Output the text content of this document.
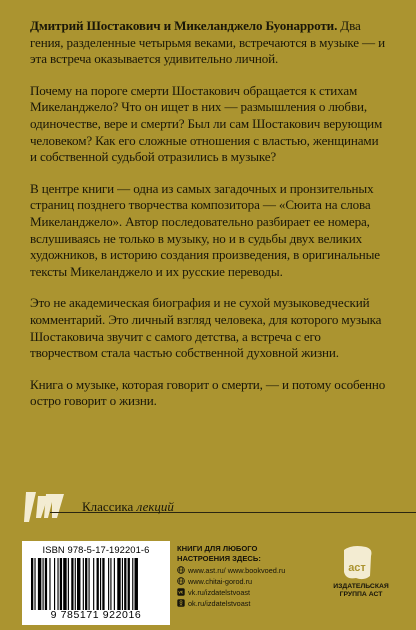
Дмитрий Шостакович и Микеланджело Буонарроти. Два гения, разделенные четырьмя веками, встречаются в музыке — и эта встреча оказывается удивительно личной.

Почему на пороге смерти Шостакович обращается к стихам Микеланджело? Что он ищет в них — размышления о любви, одиночестве, вере и смерти? Был ли сам Шостакович верующим человеком? Как его сложные отношения с властью, женщинами и собственной судьбой отразились в музыке?

В центре книги — одна из самых загадочных и пронзительных страниц позднего творчества композитора — «Сюита на слова Микеланджело». Автор последовательно разбирает ее номера, вслушиваясь не только в музыку, но и в судьбы двух великих художников, в историю создания произведения, в оригинальные тексты Микеланджело и их русские переводы.

Это не академическая биография и не сухой музыковедческий комментарий. Это личный взгляд человека, для которого музыка Шостаковича звучит с самого детства, а встреча с его творчеством стала частью собственной духовной жизни.

Книга о музыке, которая говорит о смерти, — и потому особенно остро говорит о жизни.

Классика лекций
ISBN 978-5-17-192201-6
9 785171 922016
КНИГИ ДЛЯ ЛЮБОГО НАСТРОЕНИЯ ЗДЕСЬ:
www.ast.ru/ www.bookvoed.ru
www.chitai-gorod.ru
vk.ru/izdatelstvoast
ok.ru/izdatelstvoast
аст
ИЗДАТЕЛЬСКАЯ ГРУППА АСТ
